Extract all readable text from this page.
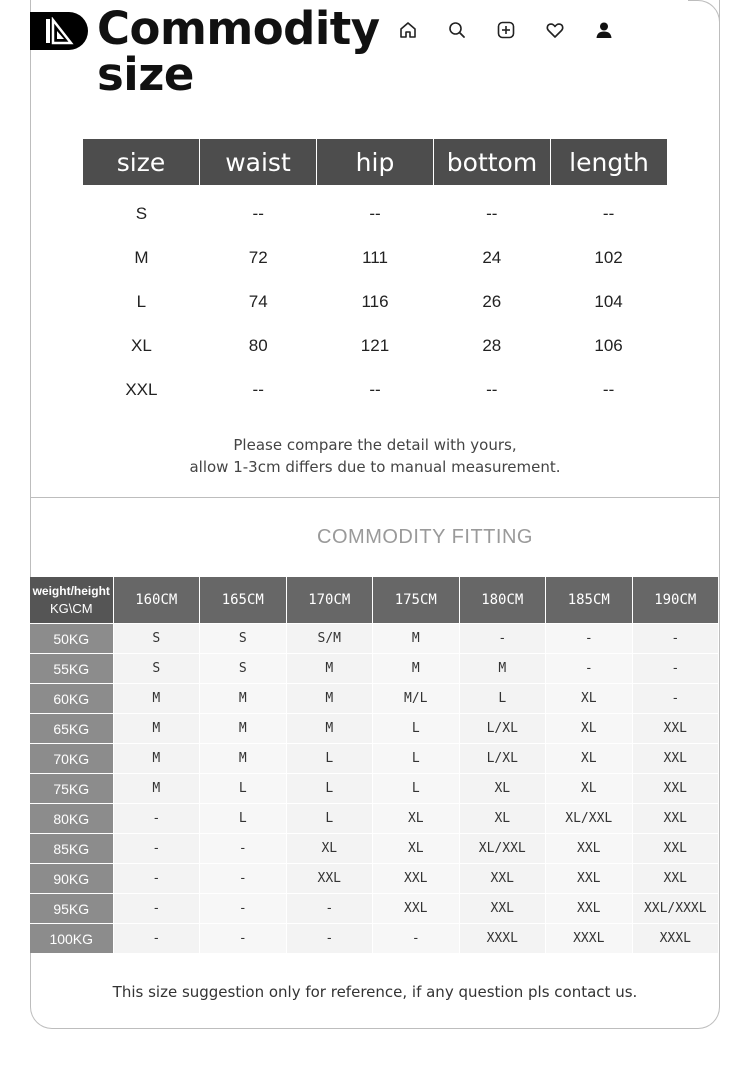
Commodity size
size	waist	hip	bottom	length
S	--	--	--	--
M	72	111	24	102
L	74	116	26	104
XL	80	121	28	106
XXL	--	--	--	--
Please compare the detail with yours,
allow 1-3cm differs due to manual measurement.
COMMODITY FITTING
weight/height
KG\CM
160CM	165CM	170CM	175CM	180CM	185CM	190CM
50KG	S	S	S/M	M	-	-	-
55KG	S	S	M	M	M	-	-
60KG	M	M	M	M/L	L	XL	-
65KG	M	M	M	L	L/XL	XL	XXL
70KG	M	M	L	L	L/XL	XL	XXL
75KG	M	L	L	L	XL	XL	XXL
80KG	-	L	L	XL	XL	XL/XXL	XXL
85KG	-	-	XL	XL	XL/XXL	XXL	XXL
90KG	-	-	XXL	XXL	XXL	XXL	XXL
95KG	-	-	-	XXL	XXL	XXL	XXL/XXXL
100KG	-	-	-	-	XXXL	XXXL	XXXL
This size suggestion only for reference, if any question pls contact us.
